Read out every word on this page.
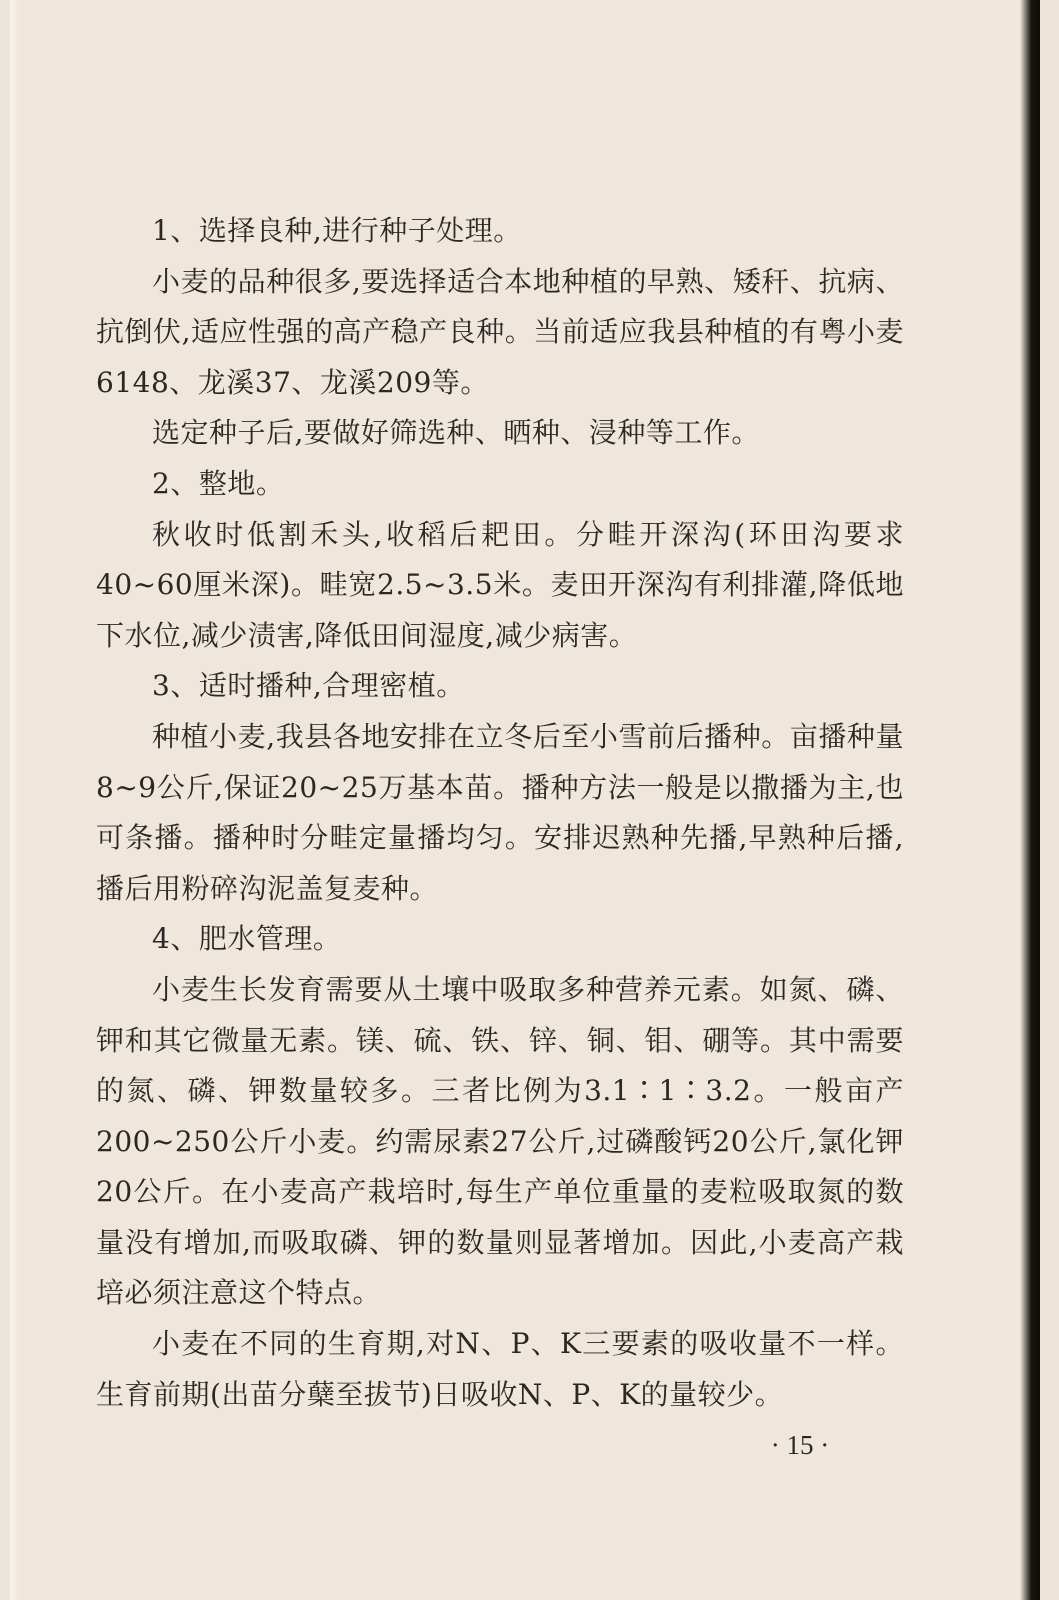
1、选择良种,进行种子处理。

小麦的品种很多,要选择适合本地种植的早熟、矮秆、抗病、抗倒伏,适应性强的高产稳产良种。当前适应我县种植的有粤小麦6148、龙溪37、龙溪209等。

选定种子后,要做好筛选种、晒种、浸种等工作。

2、整地。

秋收时低割禾头,收稻后耙田。分畦开深沟(环田沟要求40~60厘米深)。畦宽2.5~3.5米。麦田开深沟有利排灌,降低地下水位,减少渍害,降低田间湿度,减少病害。

3、适时播种,合理密植。

种植小麦,我县各地安排在立冬后至小雪前后播种。亩播种量8~9公斤,保证20~25万基本苗。播种方法一般是以撒播为主,也可条播。播种时分畦定量播均匀。安排迟熟种先播,早熟种后播,播后用粉碎沟泥盖复麦种。

4、肥水管理。

小麦生长发育需要从土壤中吸取多种营养元素。如氮、磷、钾和其它微量无素。镁、硫、铁、锌、铜、钼、硼等。其中需要的氮、磷、钾数量较多。三者比例为3.1∶1∶3.2。一般亩产200~250公斤小麦。约需尿素27公斤,过磷酸钙20公斤,氯化钾20公斤。在小麦高产栽培时,每生产单位重量的麦粒吸取氮的数量没有增加,而吸取磷、钾的数量则显著增加。因此,小麦高产栽培必须注意这个特点。

小麦在不同的生育期,对N、P、K三要素的吸收量不一样。生育前期(出苗分蘖至拔节)日吸收N、P、K的量较少。

· 15 ·
